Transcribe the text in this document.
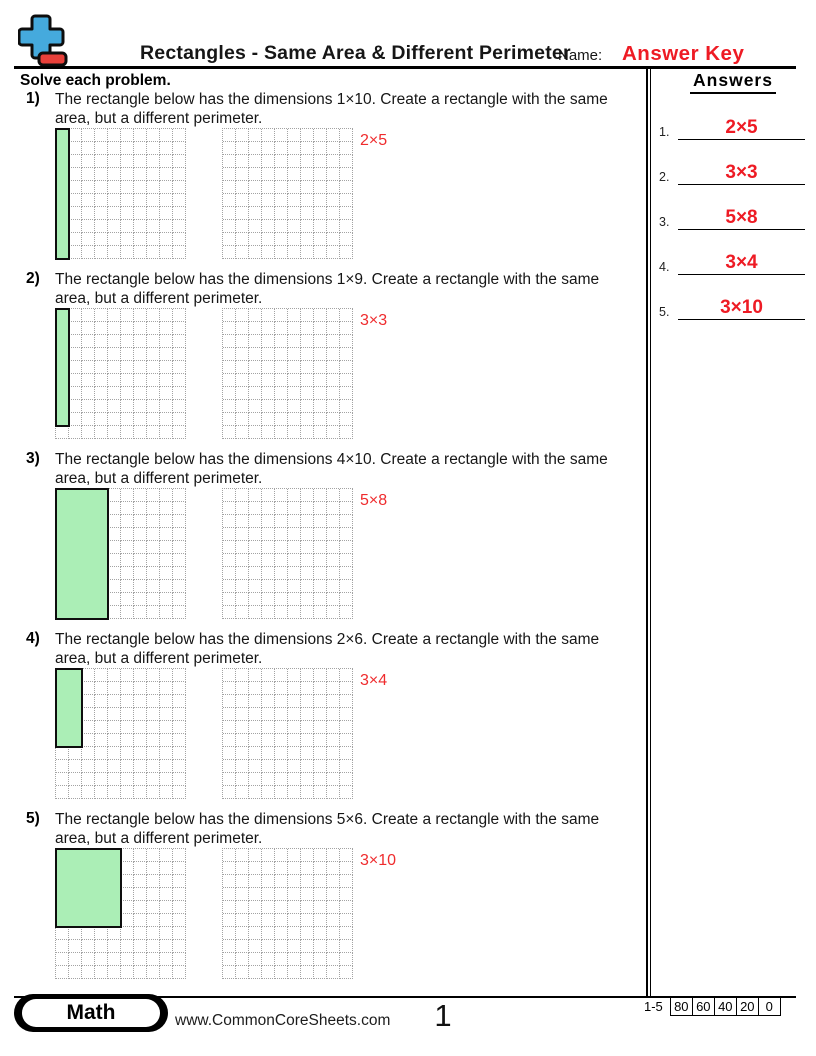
Rectangles - Same Area & Different Perimeter
Name: Answer Key
Solve each problem.	Answers
1.	2×5
2.	3×3
3.	5×8
4.	3×4
5.	3×10
1) The rectangle below has the dimensions 1×10. Create a rectangle with the same area, but a different perimeter.

2×5
2) The rectangle below has the dimensions 1×9. Create a rectangle with the same area, but a different perimeter.

3×3
3) The rectangle below has the dimensions 4×10. Create a rectangle with the same area, but a different perimeter.

5×8
4) The rectangle below has the dimensions 2×6. Create a rectangle with the same area, but a different perimeter.

3×4
5) The rectangle below has the dimensions 5×6. Create a rectangle with the same area, but a different perimeter.

3×10
Math	www.CommonCoreSheets.com	1	1-5 80 60 40 20 0
